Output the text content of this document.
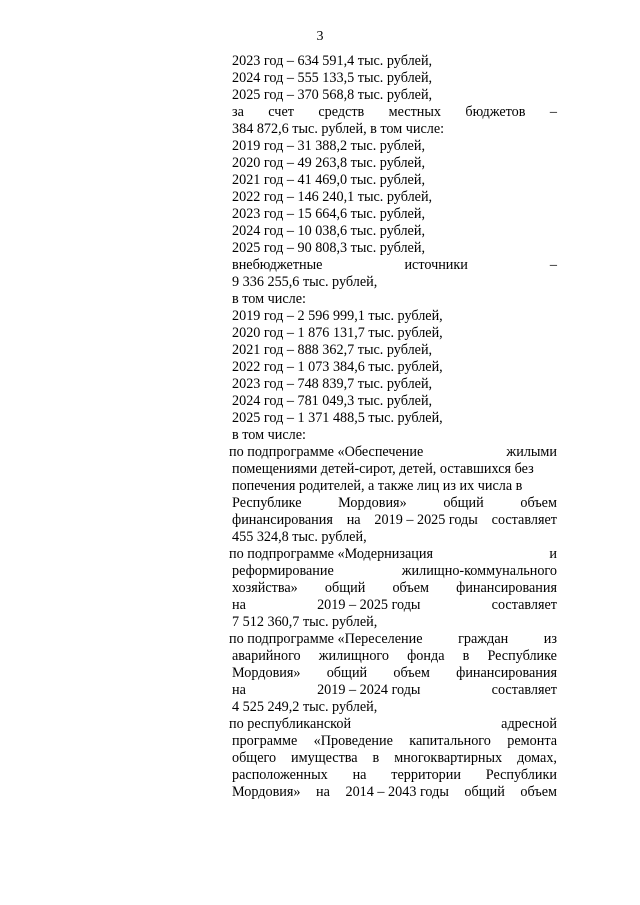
3
2023 год – 634 591,4 тыс. рублей,
2024 год – 555 133,5 тыс. рублей,
2025 год – 370 568,8 тыс. рублей,
за счет средств местных бюджетов –
384 872,6 тыс. рублей, в том числе:
2019 год – 31 388,2 тыс. рублей,
2020 год – 49 263,8 тыс. рублей,
2021 год – 41 469,0 тыс. рублей,
2022 год – 146 240,1 тыс. рублей,
2023 год – 15 664,6 тыс. рублей,
2024 год – 10 038,6 тыс. рублей,
2025 год – 90 808,3 тыс. рублей,
внебюджетные	источники	–
9 336 255,6 тыс. рублей,
в том числе:
2019 год – 2 596 999,1 тыс. рублей,
2020 год – 1 876 131,7 тыс. рублей,
2021 год – 888 362,7 тыс. рублей,
2022 год – 1 073 384,6 тыс. рублей,
2023 год – 748 839,7 тыс. рублей,
2024 год – 781 049,3 тыс. рублей,
2025 год – 1 371 488,5 тыс. рублей,
в том числе:
по подпрограмме «Обеспечение	жилыми
помещениями детей-сирот, детей, оставшихся без
попечения родителей, а также лиц из их числа в
Республике	Мордовия»	общий	объем
финансирования на 2019 – 2025 годы составляет
455 324,8 тыс. рублей,
по подпрограмме «Модернизация	и
реформирование	жилищно-коммунального
хозяйства» общий объем финансирования
на	2019 – 2025 годы	составляет
7 512 360,7 тыс. рублей,
по подпрограмме «Переселение	граждан	из
аварийного жилищного фонда в Республике
Мордовия» общий объем финансирования
на	2019 – 2024 годы	составляет
4 525 249,2 тыс. рублей,
по республиканской	адресной
программе «Проведение капитального ремонта
общего имущества в многоквартирных домах,
расположенных на территории Республики
Мордовия» на 2014 – 2043 годы общий объем
